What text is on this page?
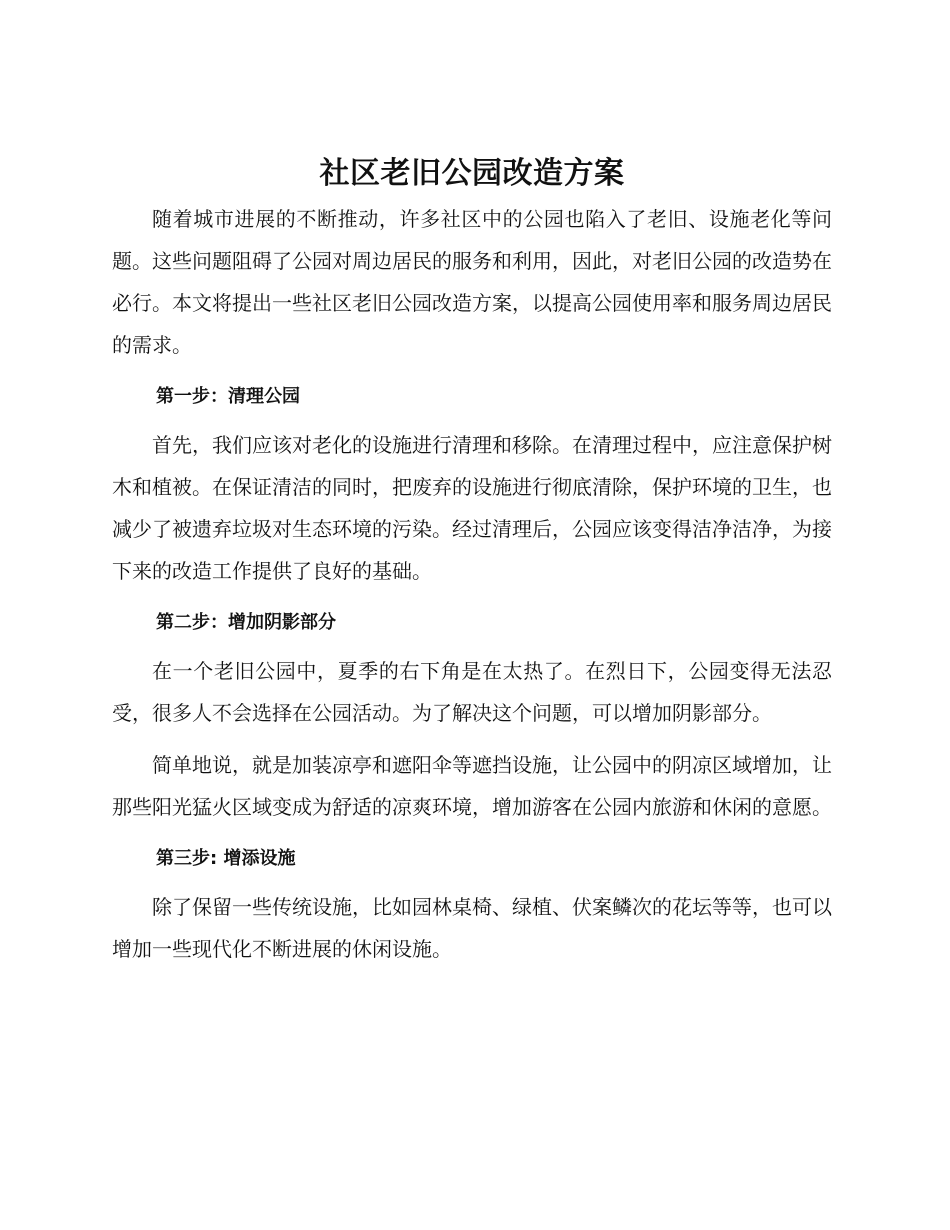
社区老旧公园改造方案

随着城市进展的不断推动，许多社区中的公园也陷入了老旧、设施老化等问题。这些问题阻碍了公园对周边居民的服务和利用，因此，对老旧公园的改造势在必行。本文将提出一些社区老旧公园改造方案，以提高公园使用率和服务周边居民的需求。

第一步：清理公园

首先，我们应该对老化的设施进行清理和移除。在清理过程中，应注意保护树木和植被。在保证清洁的同时，把废弃的设施进行彻底清除，保护环境的卫生，也减少了被遗弃垃圾对生态环境的污染。经过清理后，公园应该变得洁净洁净，为接下来的改造工作提供了良好的基础。

第二步：增加阴影部分

在一个老旧公园中，夏季的右下角是在太热了。在烈日下，公园变得无法忍受，很多人不会选择在公园活动。为了解决这个问题，可以增加阴影部分。

简单地说，就是加装凉亭和遮阳伞等遮挡设施，让公园中的阴凉区域增加，让那些阳光猛火区域变成为舒适的凉爽环境，增加游客在公园内旅游和休闲的意愿。

第三步: 增添设施

除了保留一些传统设施，比如园林桌椅、绿植、伏案鳞次的花坛等等，也可以增加一些现代化不断进展的休闲设施。
